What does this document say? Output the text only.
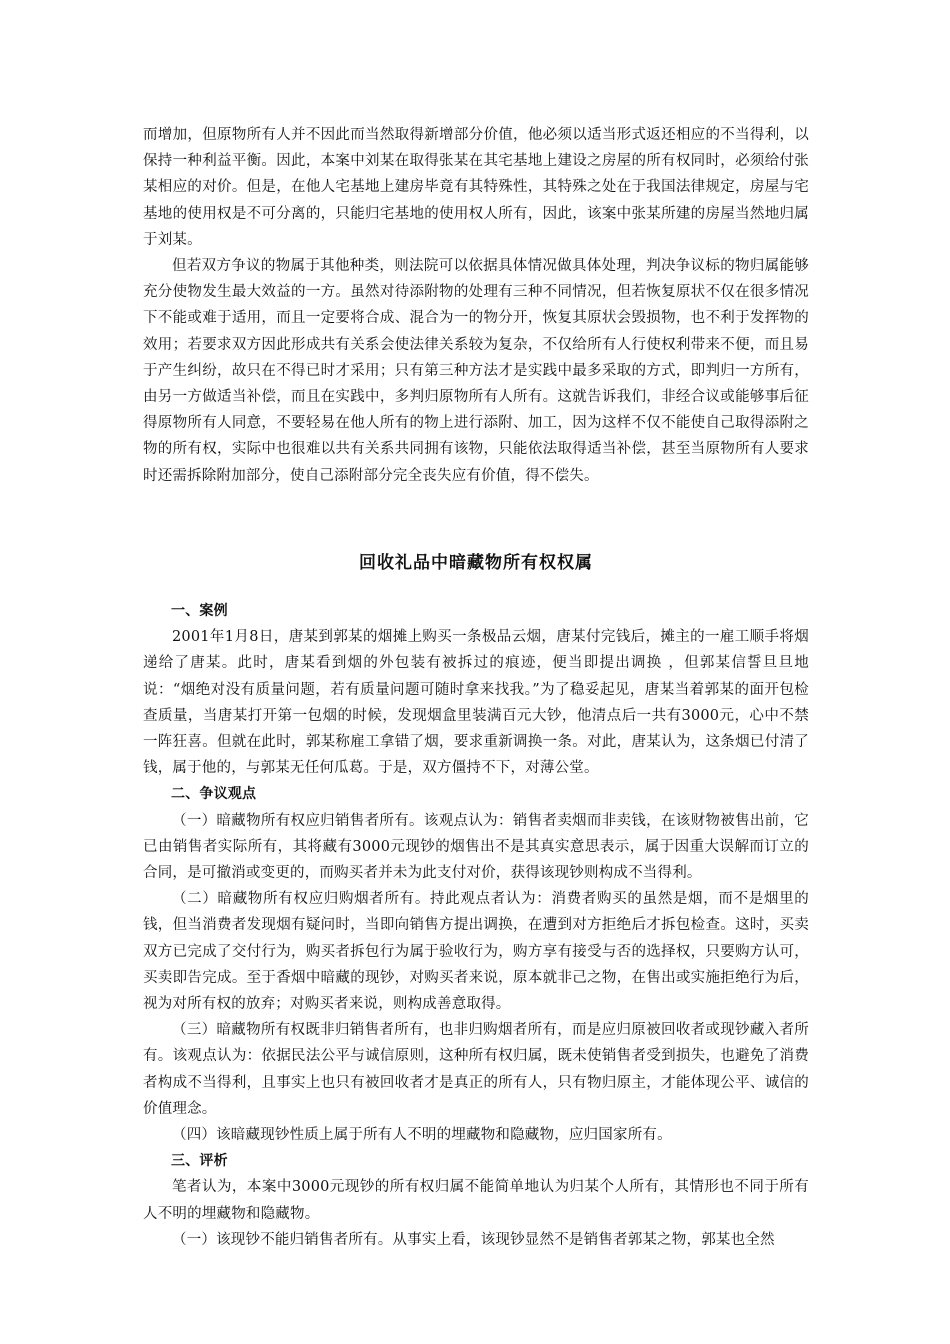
而增加，但原物所有人并不因此而当然取得新增部分价值，他必须以适当形式返还相应的不当得利，以保持一种利益平衡。因此，本案中刘某在取得张某在其宅基地上建设之房屋的所有权同时，必须给付张某相应的对价。但是，在他人宅基地上建房毕竟有其特殊性，其特殊之处在于我国法律规定，房屋与宅基地的使用权是不可分离的，只能归宅基地的使用权人所有，因此，该案中张某所建的房屋当然地归属于刘某。

但若双方争议的物属于其他种类，则法院可以依据具体情况做具体处理，判决争议标的物归属能够充分使物发生最大效益的一方。虽然对待添附物的处理有三种不同情况，但若恢复原状不仅在很多情况下不能或难于适用，而且一定要将合成、混合为一的物分开，恢复其原状会毁损物，也不利于发挥物的效用；若要求双方因此形成共有关系会使法律关系较为复杂，不仅给所有人行使权利带来不便，而且易于产生纠纷，故只在不得已时才采用；只有第三种方法才是实践中最多采取的方式，即判归一方所有，由另一方做适当补偿，而且在实践中，多判归原物所有人所有。这就告诉我们，非经合议或能够事后征得原物所有人同意，不要轻易在他人所有的物上进行添附、加工，因为这样不仅不能使自己取得添附之物的所有权，实际中也很难以共有关系共同拥有该物，只能依法取得适当补偿，甚至当原物所有人要求时还需拆除附加部分，使自己添附部分完全丧失应有价值，得不偿失。

回收礼品中暗藏物所有权权属

一、案例

2001年1月8日，唐某到郭某的烟摊上购买一条极品云烟，唐某付完钱后，摊主的一雇工顺手将烟递给了唐某。此时，唐某看到烟的外包装有被拆过的痕迹，便当即提出调换 ，但郭某信誓旦旦地说：“烟绝对没有质量问题，若有质量问题可随时拿来找我。”为了稳妥起见，唐某当着郭某的面开包检查质量，当唐某打开第一包烟的时候，发现烟盒里装满百元大钞，他清点后一共有3000元，心中不禁一阵狂喜。但就在此时，郭某称雇工拿错了烟，要求重新调换一条。对此，唐某认为，这条烟已付清了钱，属于他的，与郭某无任何瓜葛。于是，双方僵持不下，对薄公堂。

二、争议观点

（一）暗藏物所有权应归销售者所有。该观点认为：销售者卖烟而非卖钱，在该财物被售出前，它已由销售者实际所有，其将藏有3000元现钞的烟售出不是其真实意思表示，属于因重大误解而订立的合同，是可撤消或变更的，而购买者并未为此支付对价，获得该现钞则构成不当得利。

（二）暗藏物所有权应归购烟者所有。持此观点者认为：消费者购买的虽然是烟，而不是烟里的钱，但当消费者发现烟有疑问时，当即向销售方提出调换，在遭到对方拒绝后才拆包检查。这时，买卖双方已完成了交付行为，购买者拆包行为属于验收行为，购方享有接受与否的选择权，只要购方认可，买卖即告完成。至于香烟中暗藏的现钞，对购买者来说，原本就非己之物，在售出或实施拒绝行为后，视为对所有权的放弃；对购买者来说，则构成善意取得。

（三）暗藏物所有权既非归销售者所有，也非归购烟者所有，而是应归原被回收者或现钞藏入者所有。该观点认为：依据民法公平与诚信原则，这种所有权归属，既未使销售者受到损失，也避免了消费者构成不当得利，且事实上也只有被回收者才是真正的所有人，只有物归原主，才能体现公平、诚信的价值理念。

（四）该暗藏现钞性质上属于所有人不明的埋藏物和隐藏物，应归国家所有。

三、评析

笔者认为，本案中3000元现钞的所有权归属不能简单地认为归某个人所有，其情形也不同于所有人不明的埋藏物和隐藏物。

（一）该现钞不能归销售者所有。从事实上看，该现钞显然不是销售者郭某之物，郭某也全然
